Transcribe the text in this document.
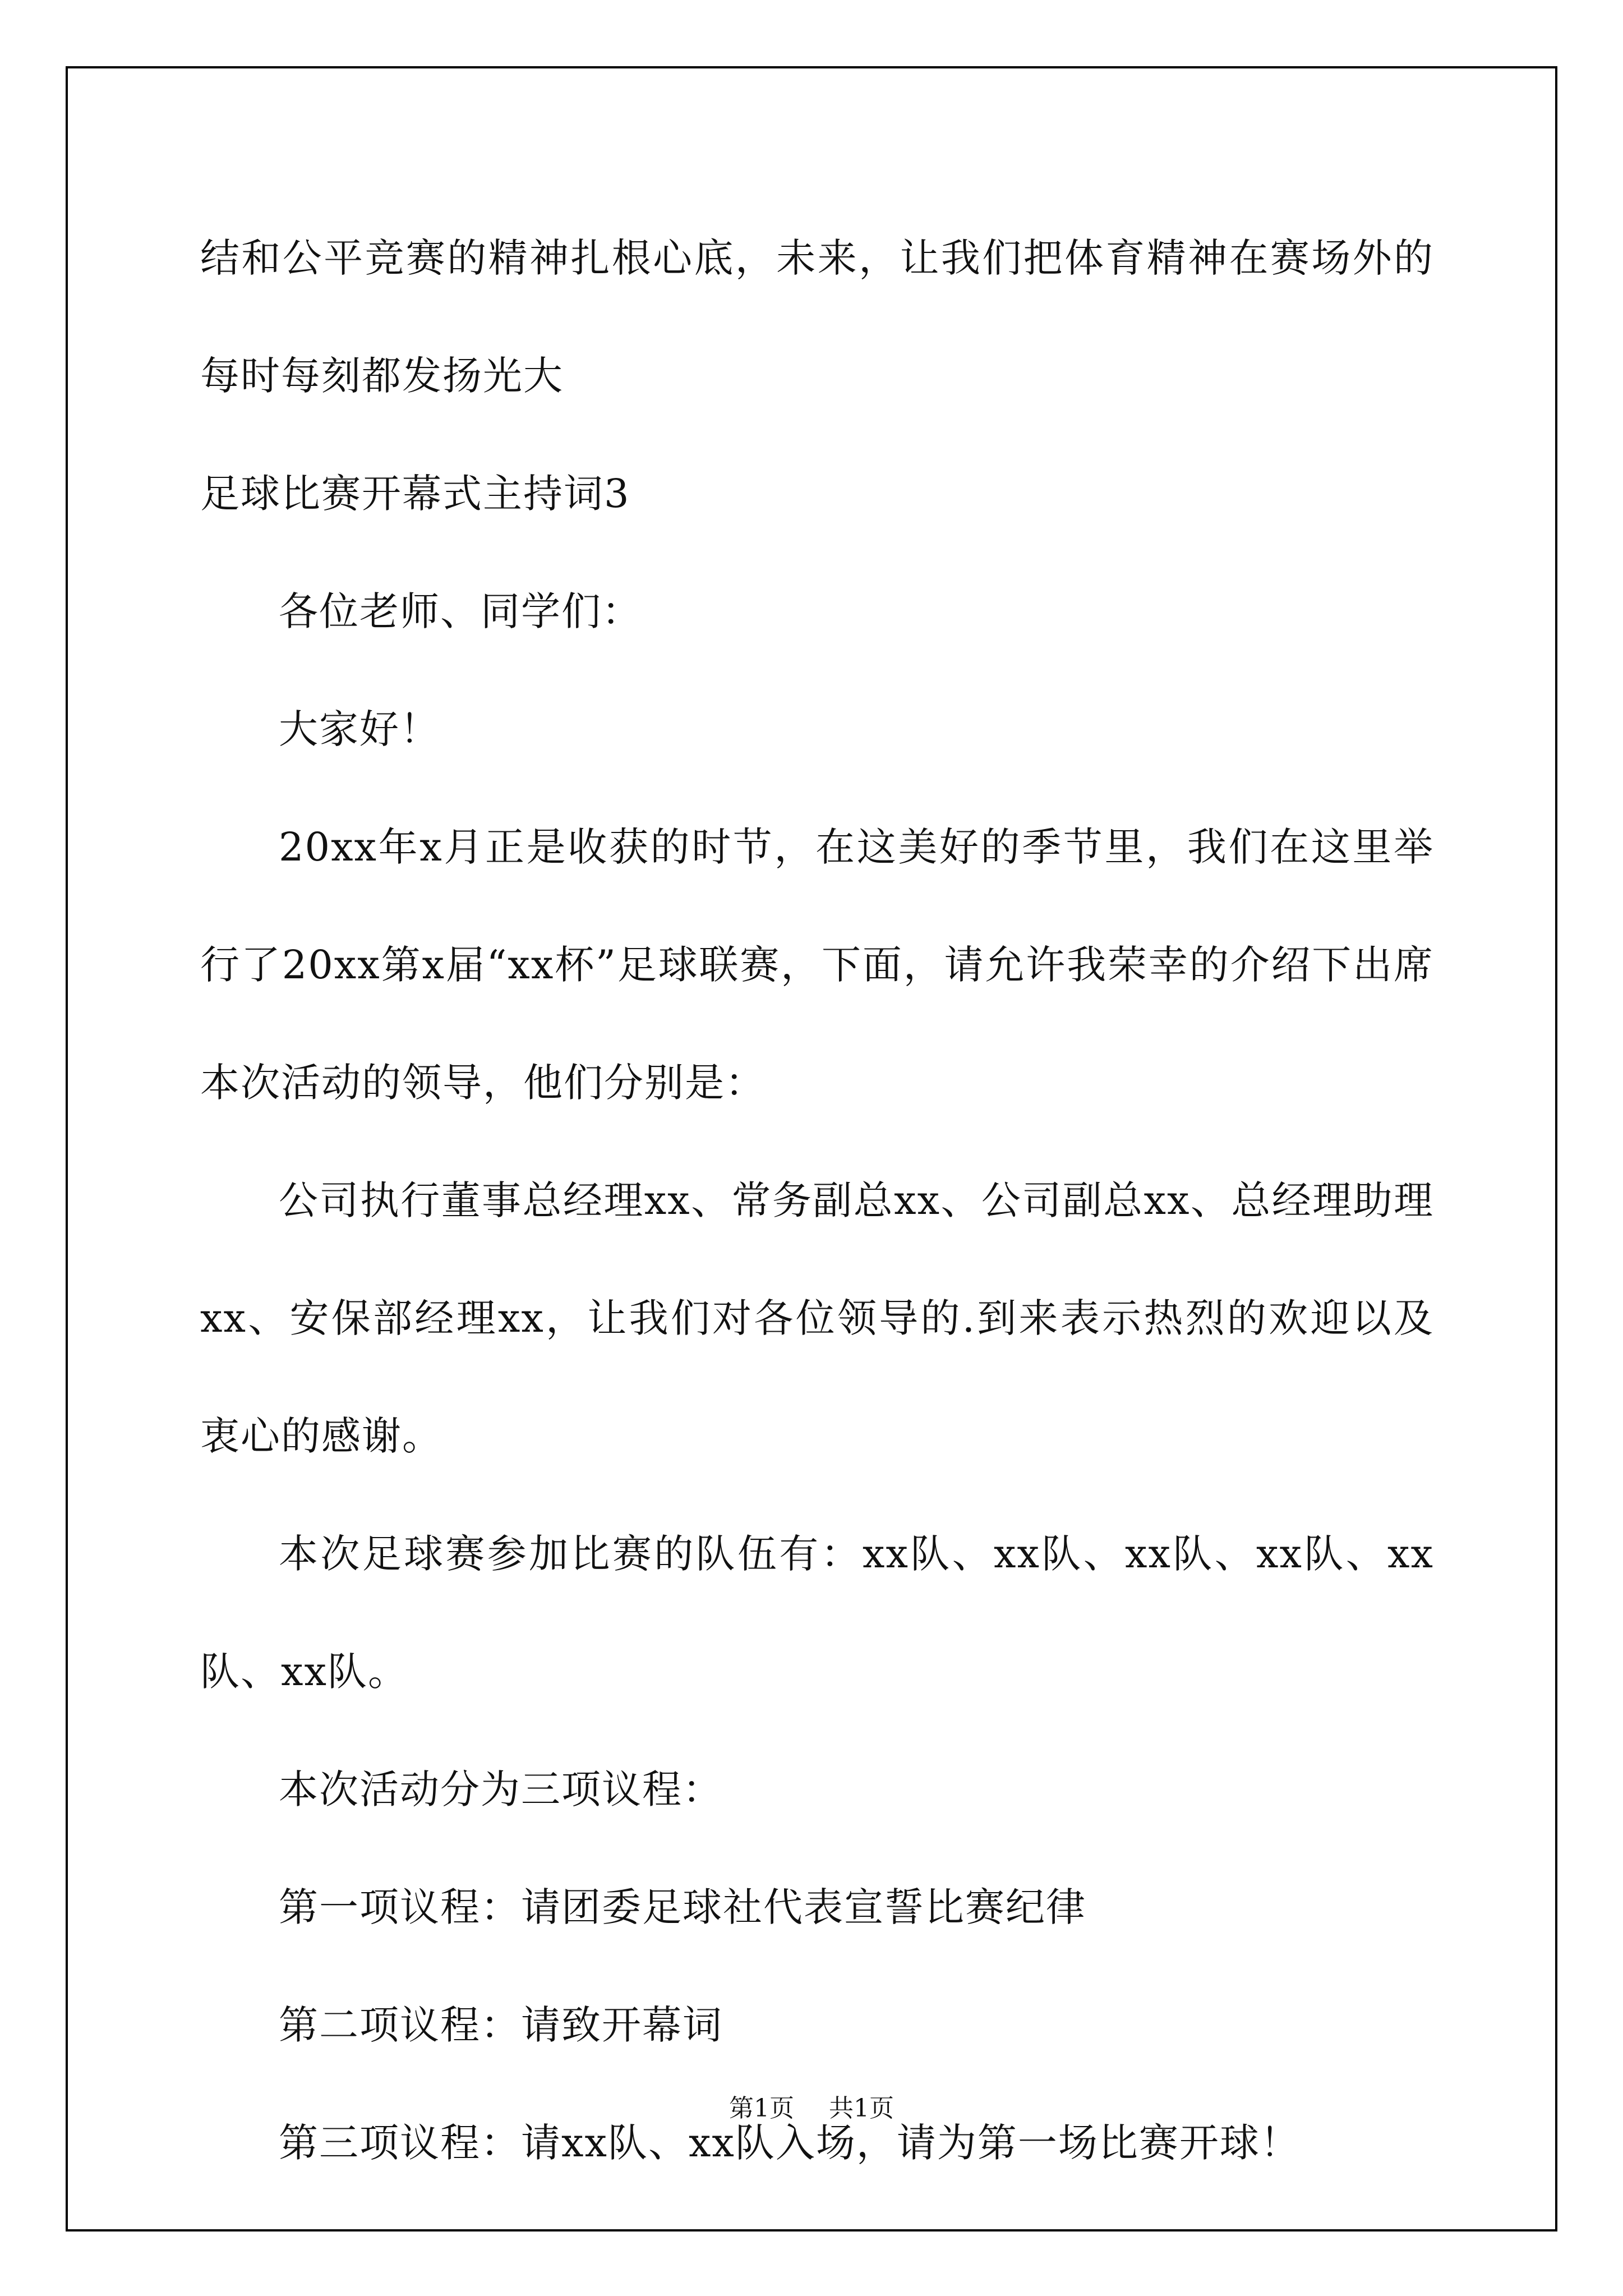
结和公平竞赛的精神扎根心底，未来，让我们把体育精神在赛场外的每时每刻都发扬光大

足球比赛开幕式主持词3

各位老师、同学们：

大家好！

20xx年x月正是收获的时节，在这美好的季节里，我们在这里举行了20xx第x届“xx杯”足球联赛，下面，请允许我荣幸的介绍下出席本次活动的领导，他们分别是：

公司执行董事总经理xx、常务副总xx、公司副总xx、总经理助理xx、安保部经理xx，让我们对各位领导的.到来表示热烈的欢迎以及衷心的感谢。

本次足球赛参加比赛的队伍有：xx队、xx队、xx队、xx队、xx队、xx队。

本次活动分为三项议程：

第一项议程：请团委足球社代表宣誓比赛纪律

第二项议程：请致开幕词

第三项议程：请xx队、xx队入场，请为第一场比赛开球！

第1页 共1页
